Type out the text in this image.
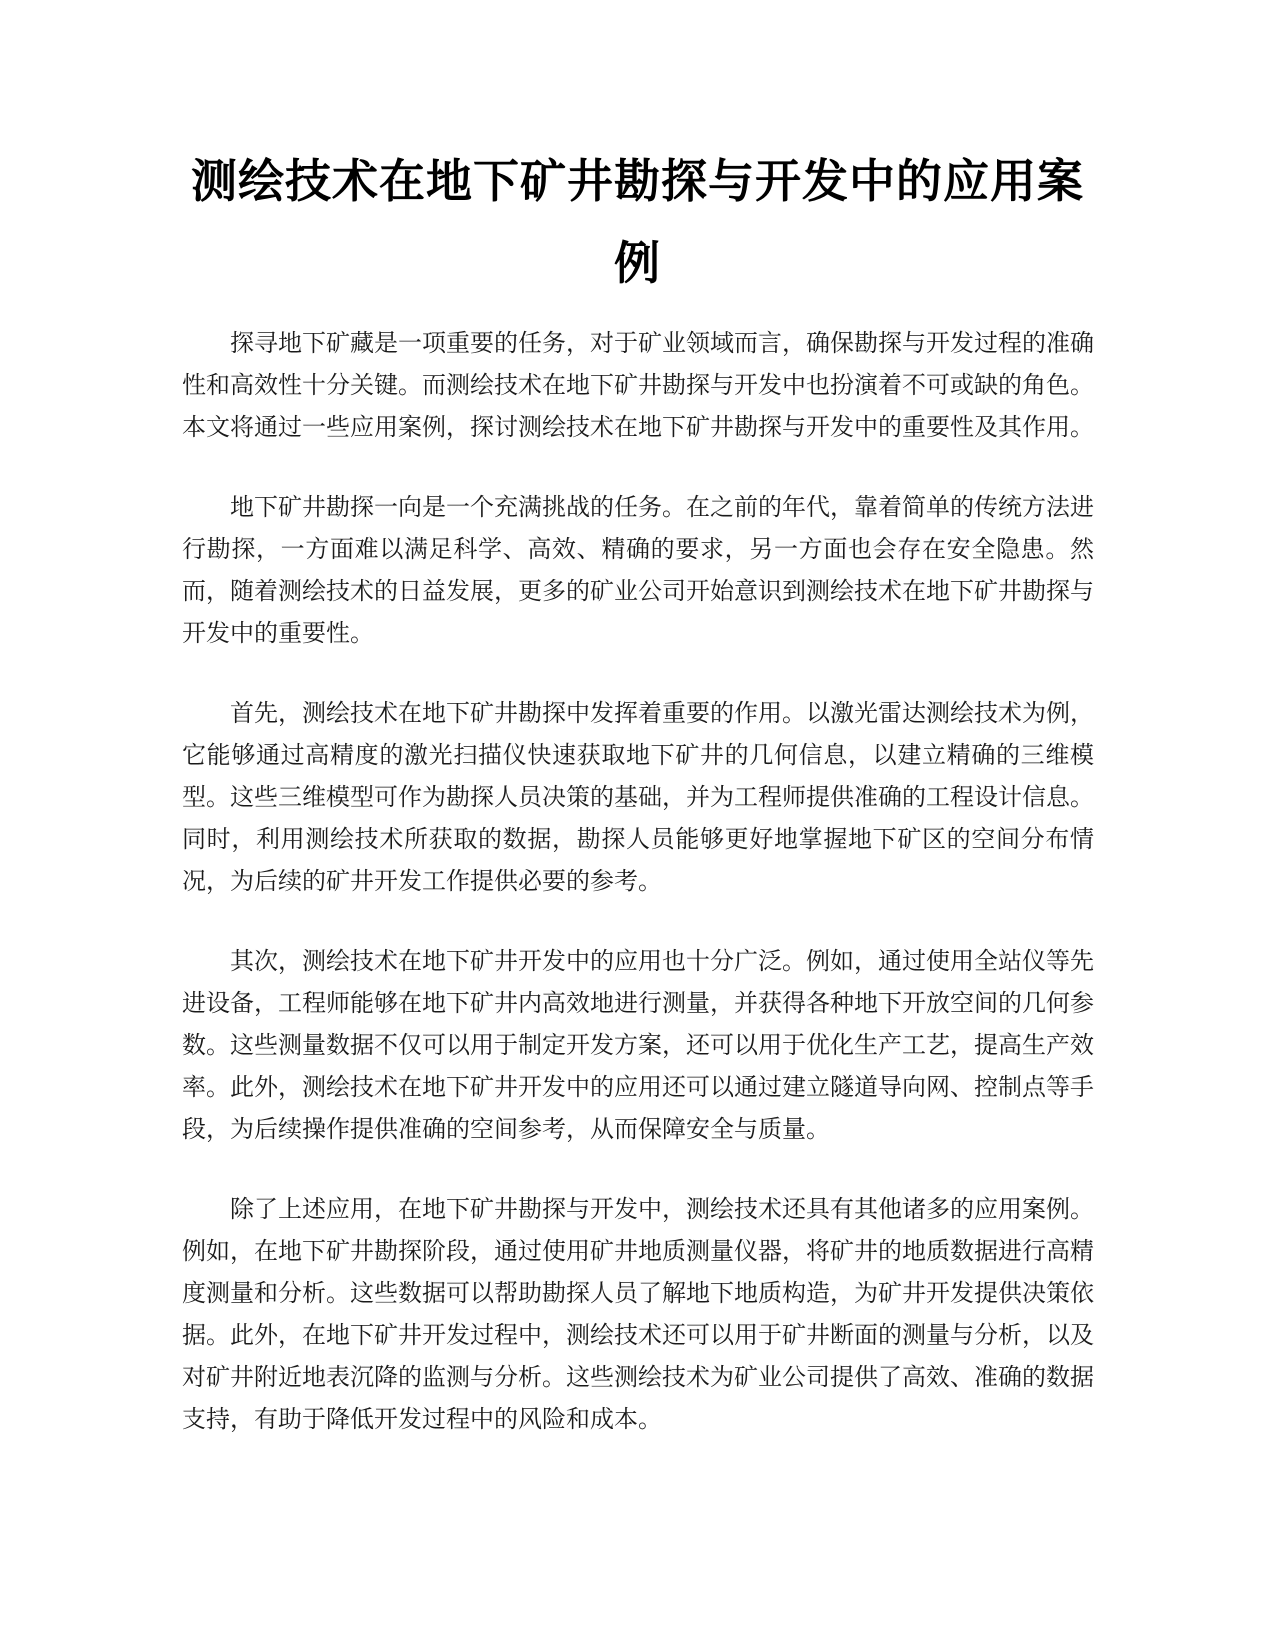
测绘技术在地下矿井勘探与开发中的应用案例

探寻地下矿藏是一项重要的任务，对于矿业领域而言，确保勘探与开发过程的准确性和高效性十分关键。而测绘技术在地下矿井勘探与开发中也扮演着不可或缺的角色。本文将通过一些应用案例，探讨测绘技术在地下矿井勘探与开发中的重要性及其作用。

地下矿井勘探一向是一个充满挑战的任务。在之前的年代，靠着简单的传统方法进行勘探，一方面难以满足科学、高效、精确的要求，另一方面也会存在安全隐患。然而，随着测绘技术的日益发展，更多的矿业公司开始意识到测绘技术在地下矿井勘探与开发中的重要性。

首先，测绘技术在地下矿井勘探中发挥着重要的作用。以激光雷达测绘技术为例，它能够通过高精度的激光扫描仪快速获取地下矿井的几何信息，以建立精确的三维模型。这些三维模型可作为勘探人员决策的基础，并为工程师提供准确的工程设计信息。同时，利用测绘技术所获取的数据，勘探人员能够更好地掌握地下矿区的空间分布情况，为后续的矿井开发工作提供必要的参考。

其次，测绘技术在地下矿井开发中的应用也十分广泛。例如，通过使用全站仪等先进设备，工程师能够在地下矿井内高效地进行测量，并获得各种地下开放空间的几何参数。这些测量数据不仅可以用于制定开发方案，还可以用于优化生产工艺，提高生产效率。此外，测绘技术在地下矿井开发中的应用还可以通过建立隧道导向网、控制点等手段，为后续操作提供准确的空间参考，从而保障安全与质量。

除了上述应用，在地下矿井勘探与开发中，测绘技术还具有其他诸多的应用案例。例如，在地下矿井勘探阶段，通过使用矿井地质测量仪器，将矿井的地质数据进行高精度测量和分析。这些数据可以帮助勘探人员了解地下地质构造，为矿井开发提供决策依据。此外，在地下矿井开发过程中，测绘技术还可以用于矿井断面的测量与分析，以及对矿井附近地表沉降的监测与分析。这些测绘技术为矿业公司提供了高效、准确的数据支持，有助于降低开发过程中的风险和成本。
